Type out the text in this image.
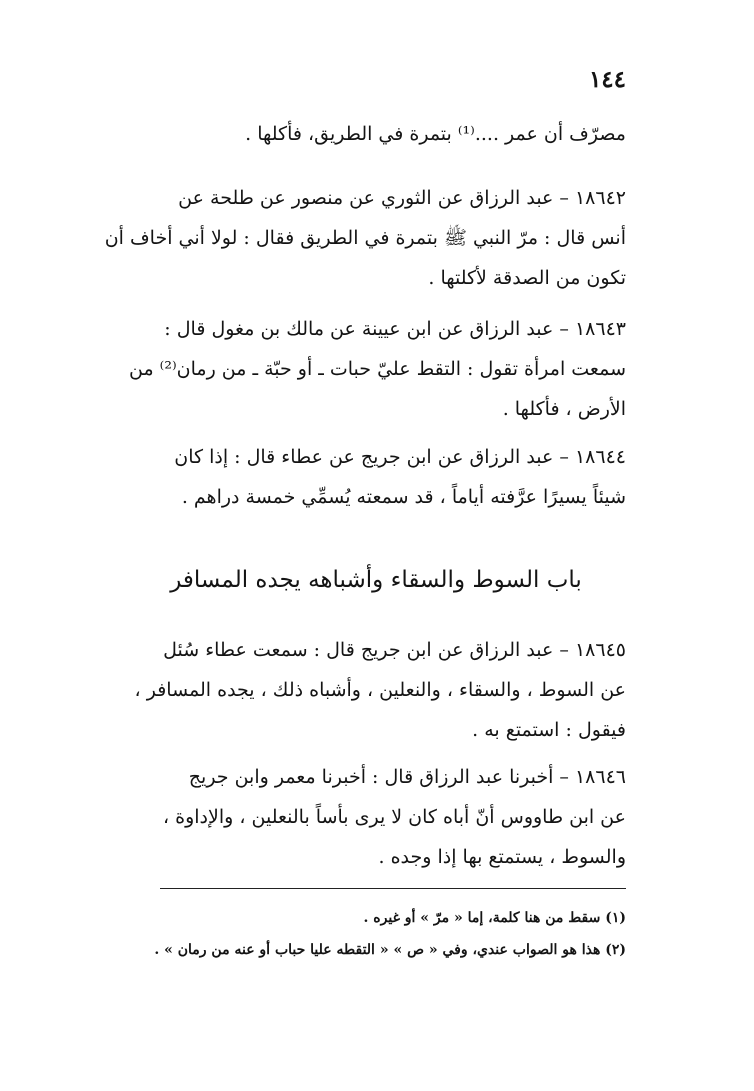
١٤٤
مصرّف أن عمر ....⁽¹⁾ بتمرة في الطريق، فأكلها .
١٨٦٤٢ – عبد الرزاق عن الثوري عن منصور عن طلحة عن
أنس قال : مرّ النبي ﷺ بتمرة في الطريق فقال : لولا أني أخاف أن
تكون من الصدقة لأكلتها .
١٨٦٤٣ – عبد الرزاق عن ابن عيينة عن مالك بن مغول قال :
سمعت امرأة تقول : التقط عليّ حبات ـ أو حبّة ـ من رمان⁽²⁾ من
الأرض ، فأكلها .
١٨٦٤٤ – عبد الرزاق عن ابن جريج عن عطاء قال : إذا كان
شيئاً يسيرًا عرَّفته أياماً ، قد سمعته يُسمِّي خمسة دراهم .
باب السوط والسقاء وأشباهه يجده المسافر
١٨٦٤٥ – عبد الرزاق عن ابن جريج قال : سمعت عطاء سُئل
عن السوط ، والسقاء ، والنعلين ، وأشباه ذلك ، يجده المسافر ،
فيقول : استمتع به .
١٨٦٤٦ – أخبرنا عبد الرزاق قال : أخبرنا معمر وابن جريج
عن ابن طاووس أنّ أباه كان لا يرى بأساً بالنعلين ، والإداوة ،
والسوط ، يستمتع بها إذا وجده .
(١) سقط من هنا كلمة، إما « مرّ » أو غيره .
(٢) هذا هو الصواب عندي، وفي « ص » « التقطه عليا حباب أو عنه من رمان » .
